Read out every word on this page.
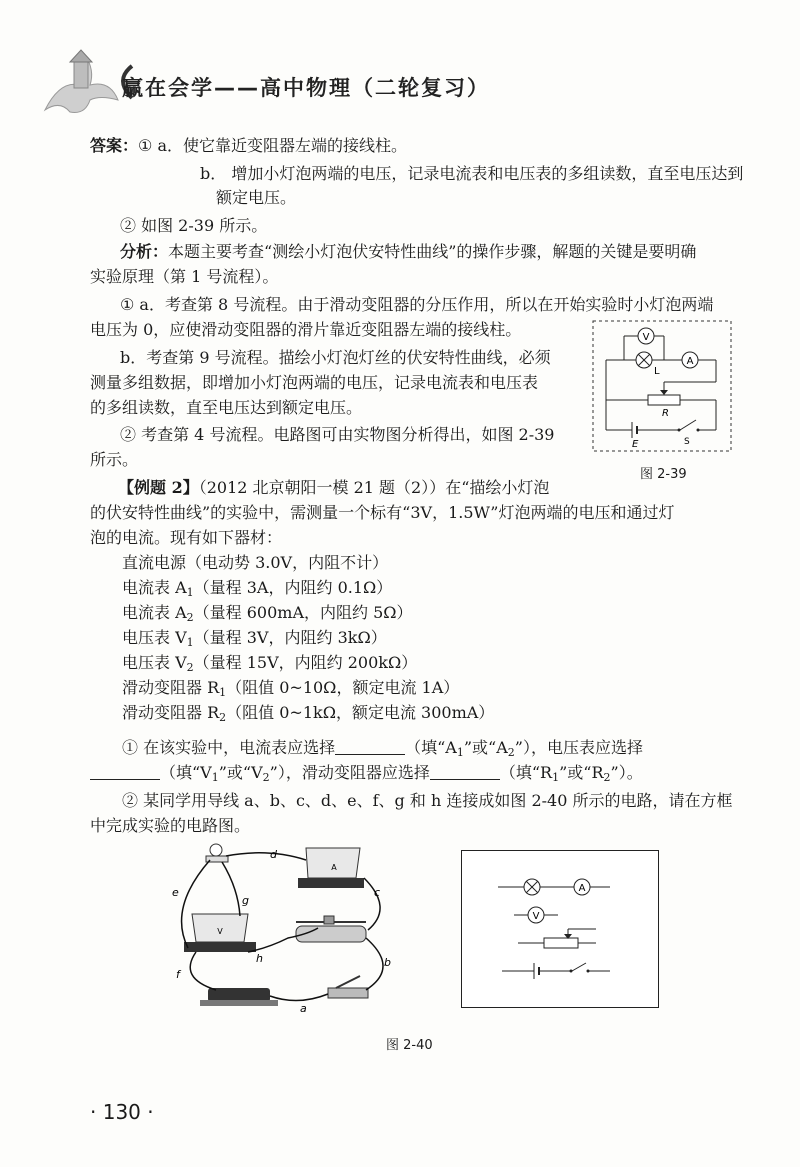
赢在会学——高中物理（二轮复习）
答案：① a．使它靠近变阻器左端的接线柱。
b． 增加小灯泡两端的电压，记录电流表和电压表的多组读数，直至电压达到
额定电压。
② 如图 2-39 所示。
分析：本题主要考查“测绘小灯泡伏安特性曲线”的操作步骤，解题的关键是要明确
实验原理（第 1 号流程）。
① a．考查第 8 号流程。由于滑动变阻器的分压作用，所以在开始实验时小灯泡两端
电压为 0，应使滑动变阻器的滑片靠近变阻器左端的接线柱。
b．考查第 9 号流程。描绘小灯泡灯丝的伏安特性曲线，必须
测量多组数据，即增加小灯泡两端的电压，记录电流表和电压表
的多组读数，直至电压达到额定电压。
② 考查第 4 号流程。电路图可由实物图分析得出，如图 2-39
所示。
V
L
A
R
E	S
图 2-39
【例题 2】（2012 北京朝阳一模 21 题（2））在“描绘小灯泡
的伏安特性曲线”的实验中，需测量一个标有“3V，1.5W”灯泡两端的电压和通过灯
泡的电流。现有如下器材：
直流电源（电动势 3.0V，内阻不计）
电流表 $A_1$（量程 3A，内阻约 0.1Ω）
电流表 $A_2$（量程 600mA，内阻约 5Ω）
电压表 $V_1$（量程 3V，内阻约 3kΩ）
电压表 $V_2$（量程 15V，内阻约 200kΩ）
滑动变阻器 $R_1$（阻值 0~10Ω，额定电流 1A）
滑动变阻器 $R_2$（阻值 0~1kΩ，额定电流 300mA）
① 在该实验中，电流表应选择	（填“$A_1$”或“$A_2$”），电压表应选择
（填“$V_1$”或“$V_2$”），滑动变阻器应选择	（填“$R_1$”或“$R_2$”）。
② 某同学用导线 a、b、c、d、e、f、g 和 h 连接成如图 2-40 所示的电路，请在方框
中完成实验的电路图。
A
V
d
c
e
g
h
f
b
a
A
V
图 2-40
· 130 ·
